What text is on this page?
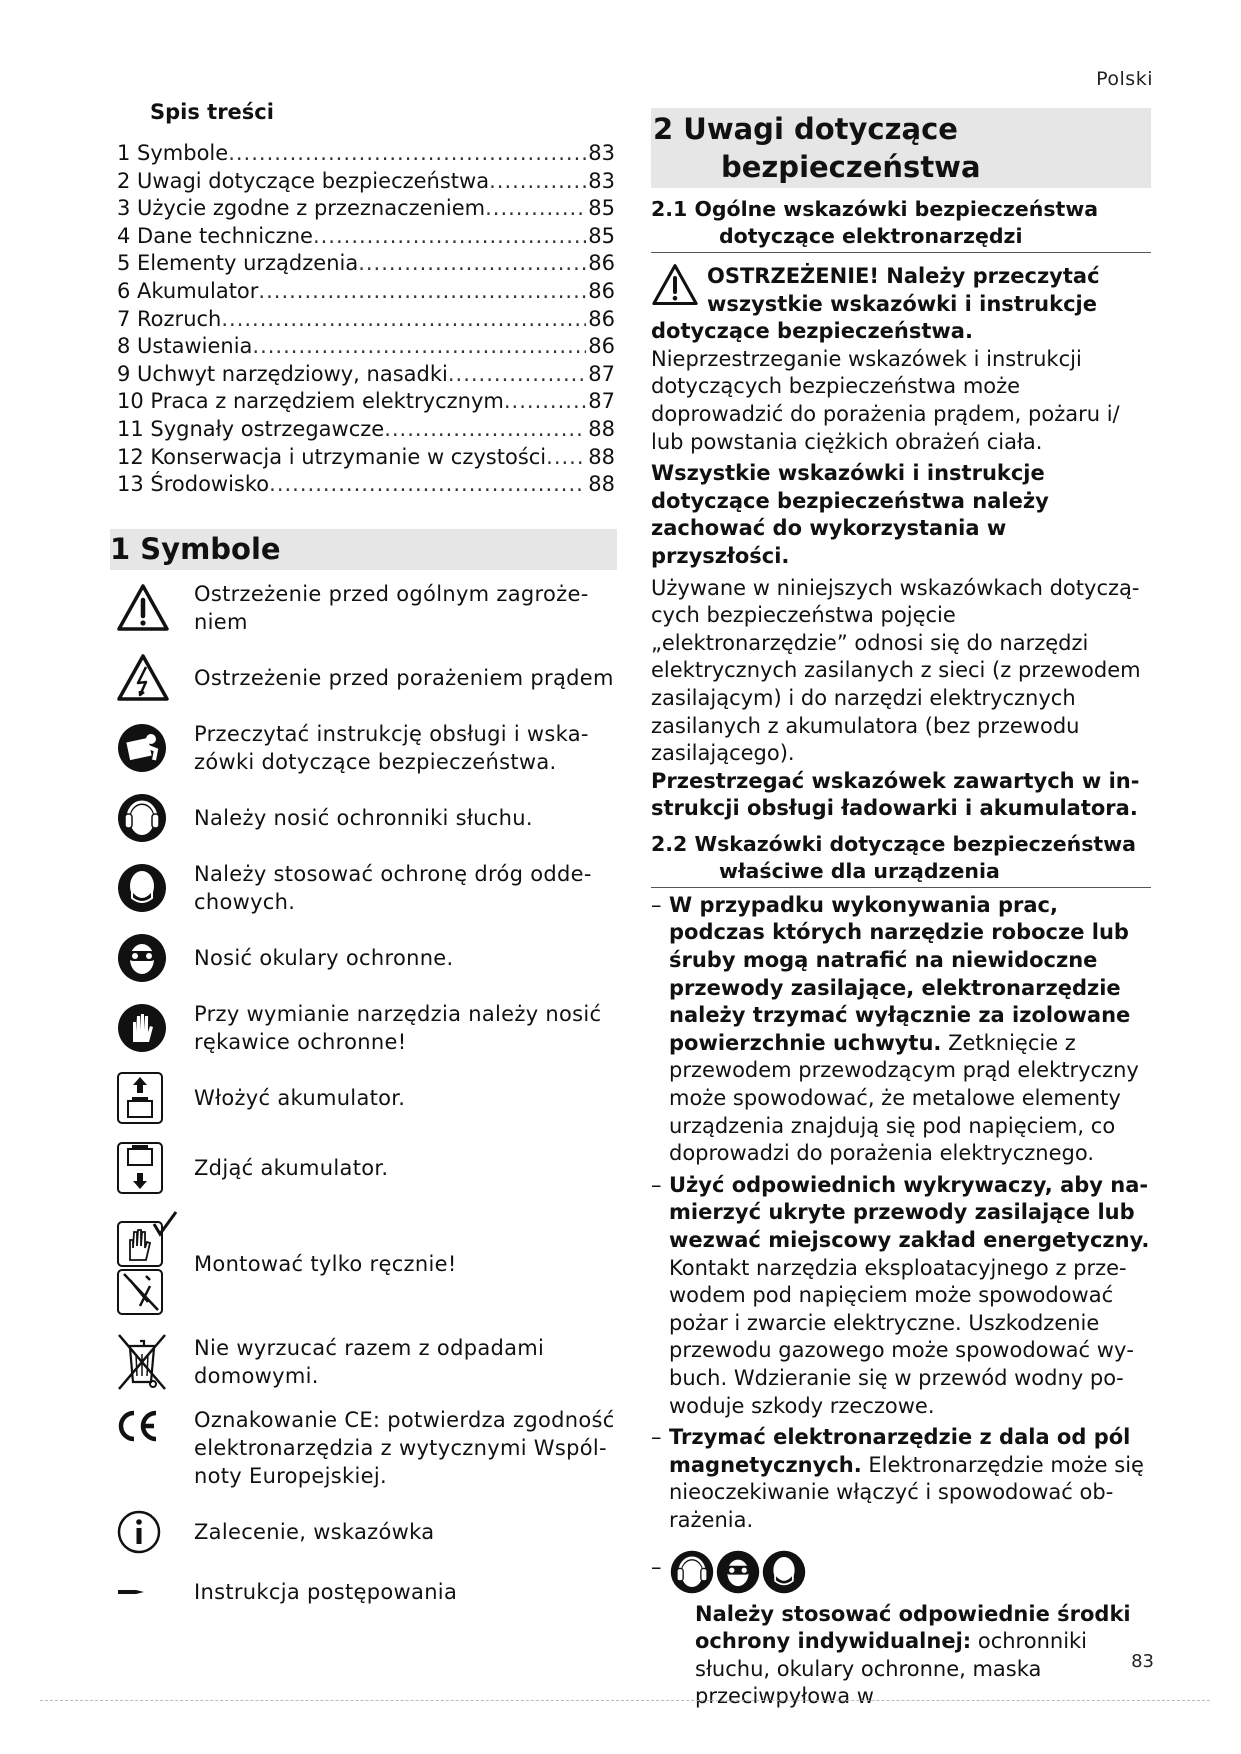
Polski
Spis treści
1 Symbole .....	83
2 Uwagi dotyczące bezpieczeństwa .....	83
3 Użycie zgodne z przeznaczeniem .....	85
4 Dane techniczne .....	85
5 Elementy urządzenia .....	86
6 Akumulator .....	86
7 Rozruch .....	86
8 Ustawienia .....	86
9 Uchwyt narzędziowy, nasadki .....	87
10 Praca z narzędziem elektrycznym .....	87
11 Sygnały ostrzegawcze .....	88
12 Konserwacja i utrzymanie w czystości ..... 88
13 Środowisko .....	88
1 Symbole
Ostrzeżenie przed ogólnym zagrożeniem
Ostrzeżenie przed porażeniem prądem
Przeczytać instrukcję obsługi i wskazówki dotyczące bezpieczeństwa.
Należy nosić ochronniki słuchu.
Należy stosować ochronę dróg oddechowych.
Nosić okulary ochronne.
Przy wymianie narzędzia należy nosić rękawice ochronne!
Włożyć akumulator.
Zdjąć akumulator.
Montować tylko ręcznie!
Nie wyrzucać razem z odpadami domowymi.
Oznakowanie CE: potwierdza zgodność elektronarzędzia z wytycznymi Wspólnoty Europejskiej.
Zalecenie, wskazówka
Instrukcja postępowania
2 Uwagi dotyczące
bezpieczeństwa
2.1 Ogólne wskazówki bezpieczeństwa
dotyczące elektronarzędzi
OSTRZEŻENIE! Należy przeczytać wszystkie wskazówki i instrukcje dotyczące bezpieczeństwa. Nieprzestrzeganie wskazówek i instrukcji dotyczących bezpieczeństwa może doprowadzić do porażenia prądem, pożaru i/ lub powstania ciężkich obrażeń ciała.
Wszystkie wskazówki i instrukcje dotyczące bezpieczeństwa należy zachować do wykorzystania w przyszłości.
Używane w niniejszych wskazówkach dotyczących bezpieczeństwa pojęcie „elektronarzędzie” odnosi się do narzędzi elektrycznych zasilanych z sieci (z przewodem zasilającym) i do narzędzi elektrycznych zasilanych z akumulatora (bez przewodu zasilającego).
Przestrzegać wskazówek zawartych w instrukcji obsługi ładowarki i akumulatora.
2.2 Wskazówki dotyczące bezpieczeństwa
właściwe dla urządzenia
– W przypadku wykonywania prac, podczas których narzędzie robocze lub śruby mogą natrafić na niewidoczne przewody zasilające, elektronarzędzie należy trzymać wyłącznie za izolowane powierzchnie uchwytu. Zetknięcie z przewodem przewodzącym prąd elektryczny może spowodować, że metalowe elementy urządzenia znajdują się pod napięciem, co doprowadzi do porażenia elektrycznego.
– Użyć odpowiednich wykrywaczy, aby namierzyć ukryte przewody zasilające lub wezwać miejscowy zakład energetyczny. Kontakt narzędzia eksploatacyjnego z przewodem pod napięciem może spowodować pożar i zwarcie elektryczne. Uszkodzenie przewodu gazowego może spowodować wybuch. Wdzieranie się w przewód wodny powoduje szkody rzeczowe.
– Trzymać elektronarzędzie z dala od pól magnetycznych. Elektronarzędzie może się nieoczekiwanie włączyć i spowodować obrażenia.
–
Należy stosować odpowiednie środki ochrony indywidualnej: ochronniki słuchu, okulary ochronne, maska przeciwpyłowa w
83
